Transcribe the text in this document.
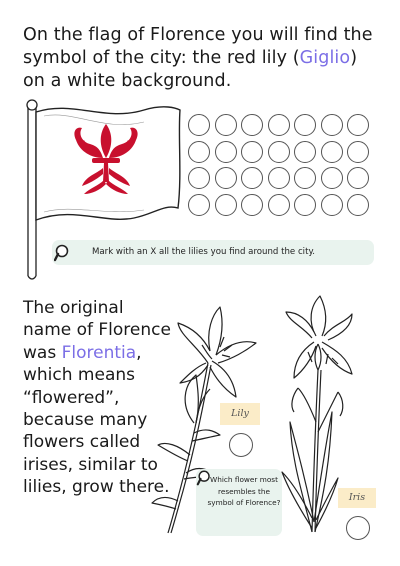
On the flag of Florence you will find the symbol of the city: the red lily (Giglio) on a white background.
Mark with an X all the lilies you find around the city.
The original name of Florence was Florentia, which means “flowered”, because many flowers called irises, similar to lilies, grow there.
Lily
Iris
Which flower most resembles the symbol of Florence?
